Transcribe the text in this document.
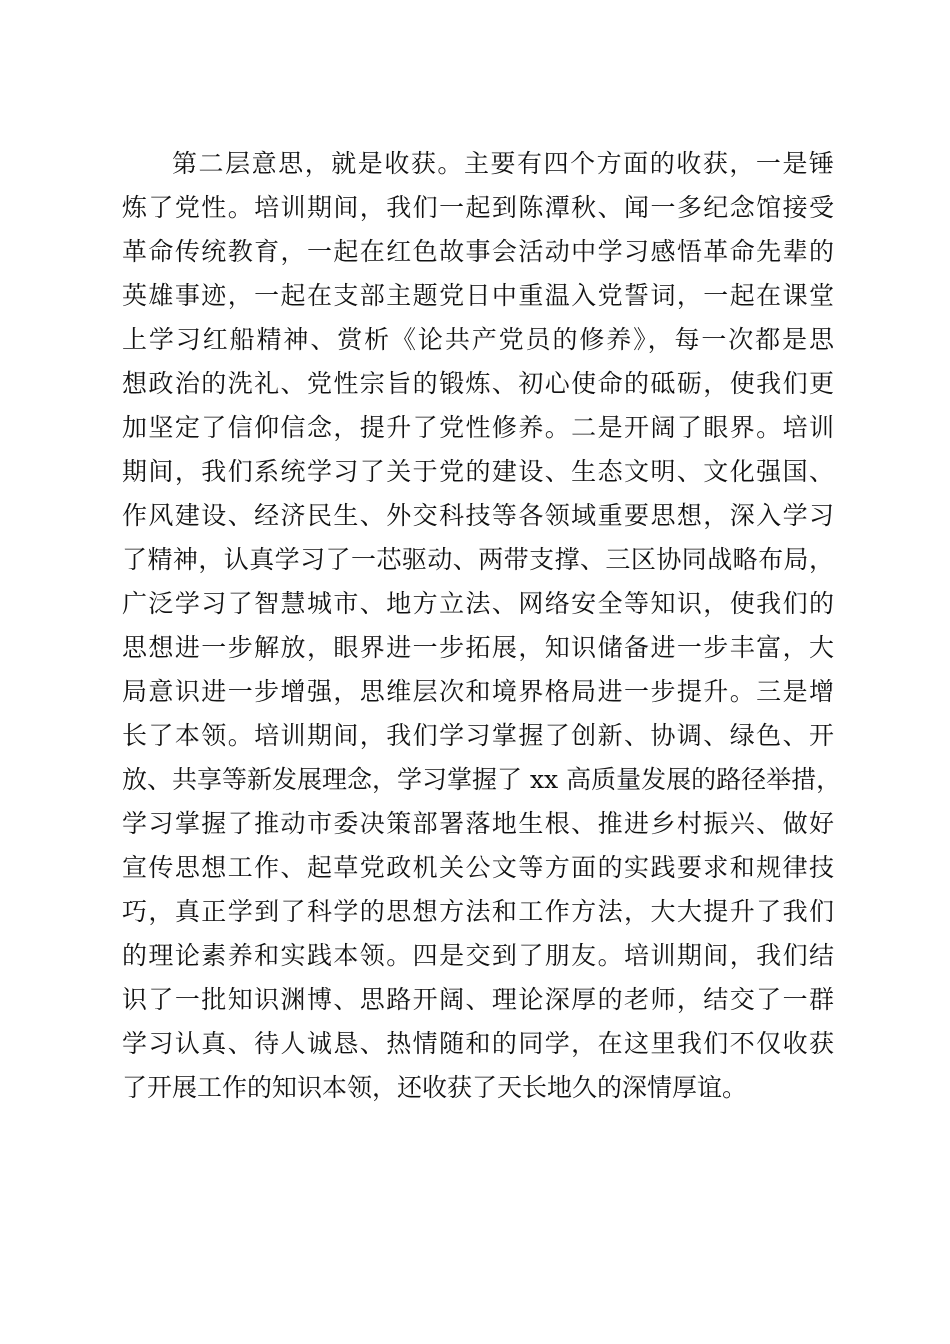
第二层意思，就是收获。主要有四个方面的收获，一是锤
炼了党性。培训期间，我们一起到陈潭秋、闻一多纪念馆接受
革命传统教育，一起在红色故事会活动中学习感悟革命先辈的
英雄事迹，一起在支部主题党日中重温入党誓词，一起在课堂
上学习红船精神、赏析《论共产党员的修养》，每一次都是思
想政治的洗礼、党性宗旨的锻炼、初心使命的砥砺，使我们更
加坚定了信仰信念，提升了党性修养。二是开阔了眼界。培训
期间，我们系统学习了关于党的建设、生态文明、文化强国、
作风建设、经济民生、外交科技等各领域重要思想，深入学习
了精神，认真学习了一芯驱动、两带支撑、三区协同战略布局，
广泛学习了智慧城市、地方立法、网络安全等知识，使我们的
思想进一步解放，眼界进一步拓展，知识储备进一步丰富，大
局意识进一步增强，思维层次和境界格局进一步提升。三是增
长了本领。培训期间，我们学习掌握了创新、协调、绿色、开
放、共享等新发展理念，学习掌握了 xx 高质量发展的路径举措，
学习掌握了推动市委决策部署落地生根、推进乡村振兴、做好
宣传思想工作、起草党政机关公文等方面的实践要求和规律技
巧，真正学到了科学的思想方法和工作方法，大大提升了我们
的理论素养和实践本领。四是交到了朋友。培训期间，我们结
识了一批知识渊博、思路开阔、理论深厚的老师，结交了一群
学习认真、待人诚恳、热情随和的同学，在这里我们不仅收获
了开展工作的知识本领，还收获了天长地久的深情厚谊。
